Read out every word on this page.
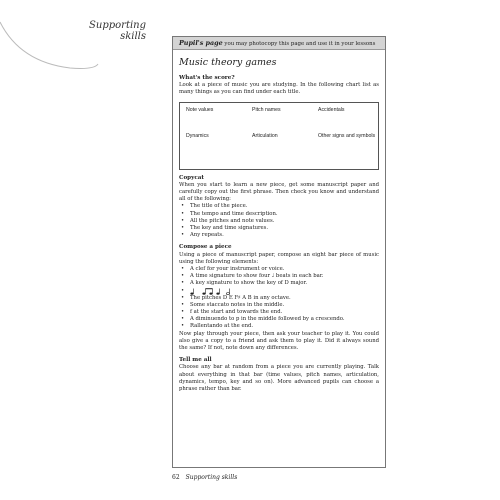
Supporting
skills
Pupil's page you may photocopy this page and use it in your lessons
Music theory games
What's the score?
Look at a piece of music you are studying. In the following chart list as many things as you can find under each title.
Note values	Pitch names	Accidentals
Dynamics	Articulation	Other signs and symbols
Copycat
When you start to learn a new piece, get some manuscript paper and carefully copy out the first phrase. Then check you know and understand all of the following:
• The title of the piece.
• The tempo and time description.
• All the pitches and note values.
• The key and time signatures.
• Any repeats.
Compose a piece
Using a piece of manuscript paper, compose an eight bar piece of music using the following elements:
• A clef for your instrument or voice.
• A time signature to show four ♩ beats in each bar.
• A key signature to show the key of D major.
•
• The pitches D E F♯ A B in any octave.
• Some staccato notes in the middle.
• f at the start and towards the end.
• A diminuendo to p in the middle followed by a crescendo.
• Rallentando at the end.
Now play through your piece, then ask your teacher to play it. You could also give a copy to a friend and ask them to play it. Did it always sound the same? If not, note down any differences.
Tell me all
Choose any bar at random from a piece you are currently playing. Talk about everything in that bar (time values, pitch names, articulation, dynamics, tempo, key and so on). More advanced pupils can choose a phrase rather than bar.
62 Supporting skills
